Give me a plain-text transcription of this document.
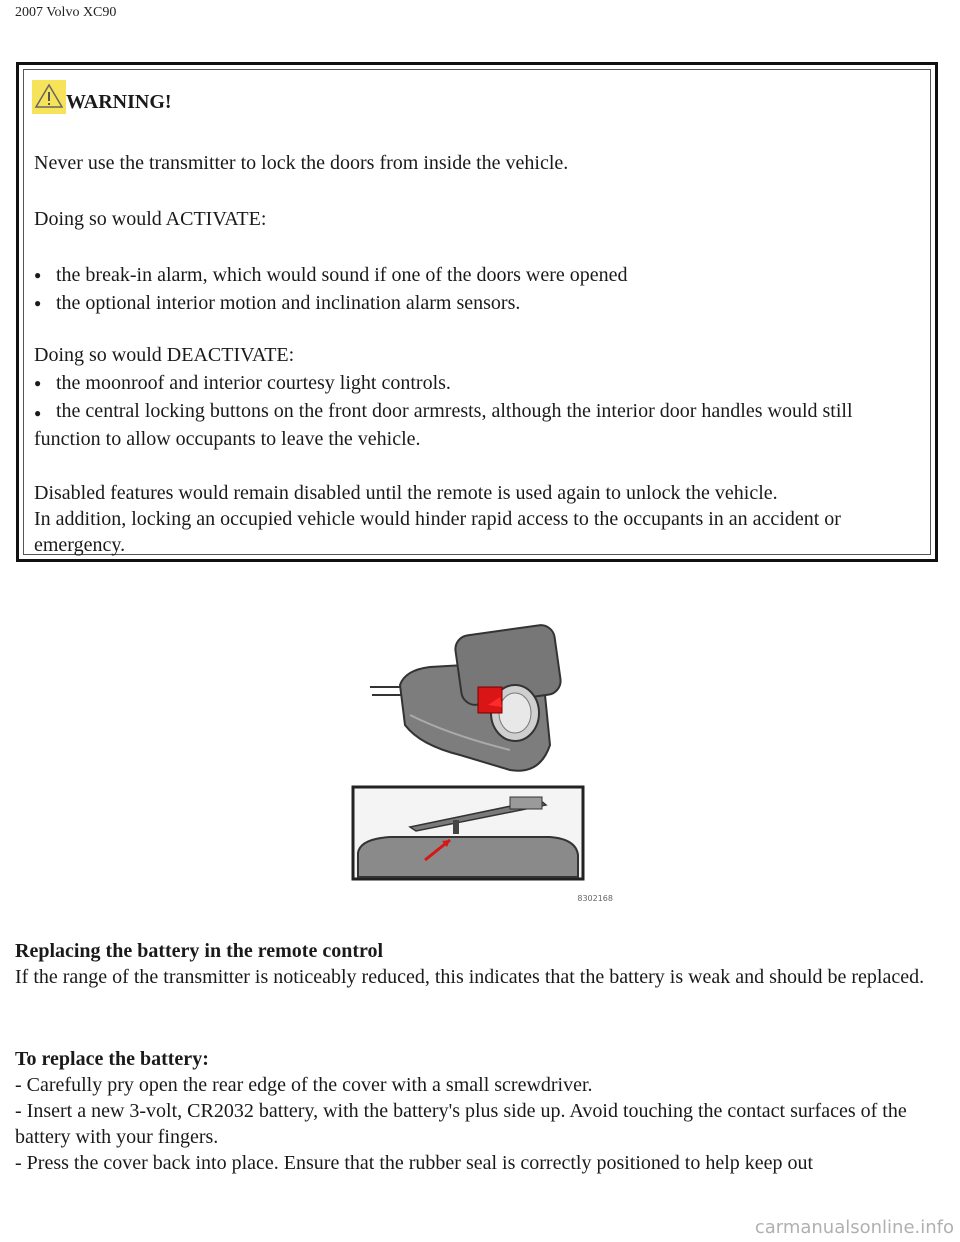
2007 Volvo XC90
WARNING!

Never use the transmitter to lock the doors from inside the vehicle.

Doing so would ACTIVATE:

● the break-in alarm, which would sound if one of the doors were opened
● the optional interior motion and inclination alarm sensors.

Doing so would DEACTIVATE:

● the moonroof and interior courtesy light controls.
● the central locking buttons on the front door armrests, although the interior door handles would still function to allow occupants to leave the vehicle.

Disabled features would remain disabled until the remote is used again to unlock the vehicle.

In addition, locking an occupied vehicle would hinder rapid access to the occupants in an accident or emergency.

8302168

Replacing the battery in the remote control

If the range of the transmitter is noticeably reduced, this indicates that the battery is weak and should be replaced.

To replace the battery:

- Carefully pry open the rear edge of the cover with a small screwdriver.

- Insert a new 3-volt, CR2032 battery, with the battery's plus side up. Avoid touching the contact surfaces of the battery with your fingers.

- Press the cover back into place. Ensure that the rubber seal is correctly positioned to help keep out

carmanualsonline.info
